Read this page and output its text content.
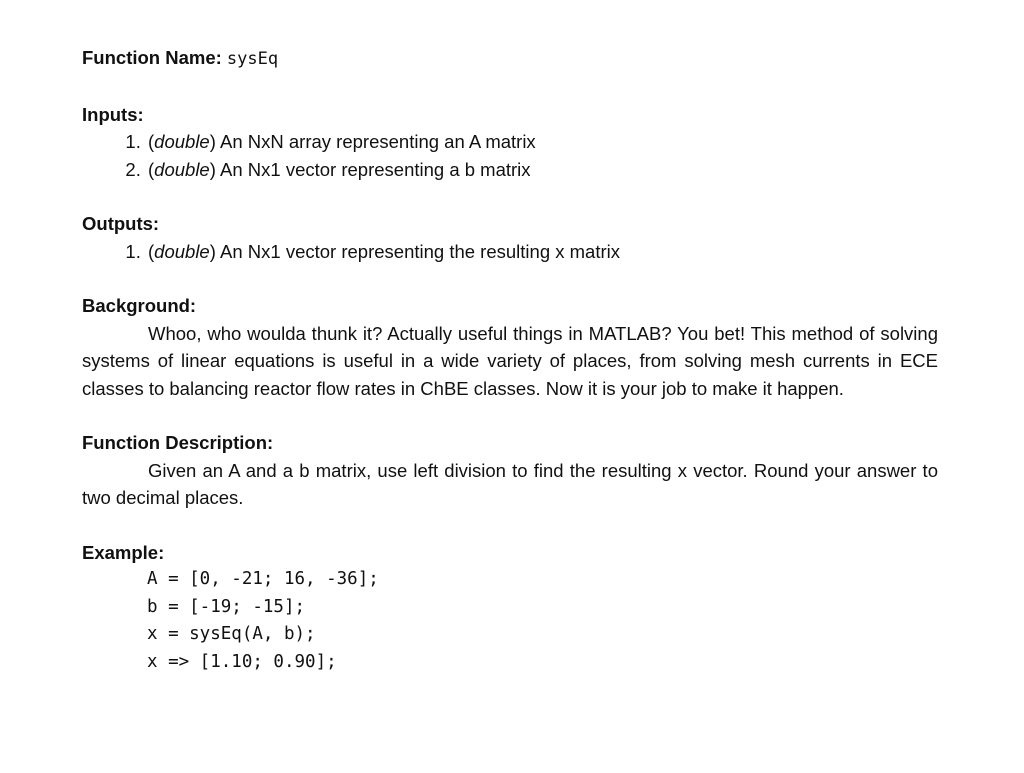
Function Name: sysEq

Inputs:

1. (double) An NxN array representing an A matrix
2. (double) An Nx1 vector representing a b matrix

Outputs:

1. (double) An Nx1 vector representing the resulting x matrix

Background:

Whoo, who woulda thunk it? Actually useful things in MATLAB? You bet! This method of solving systems of linear equations is useful in a wide variety of places, from solving mesh currents in ECE classes to balancing reactor flow rates in ChBE classes. Now it is your job to make it happen.

Function Description:

Given an A and a b matrix, use left division to find the resulting x vector. Round your answer to two decimal places.

Example:

A = [0, -21; 16, -36];
b = [-19; -15];
x = sysEq(A, b);
x => [1.10; 0.90];
